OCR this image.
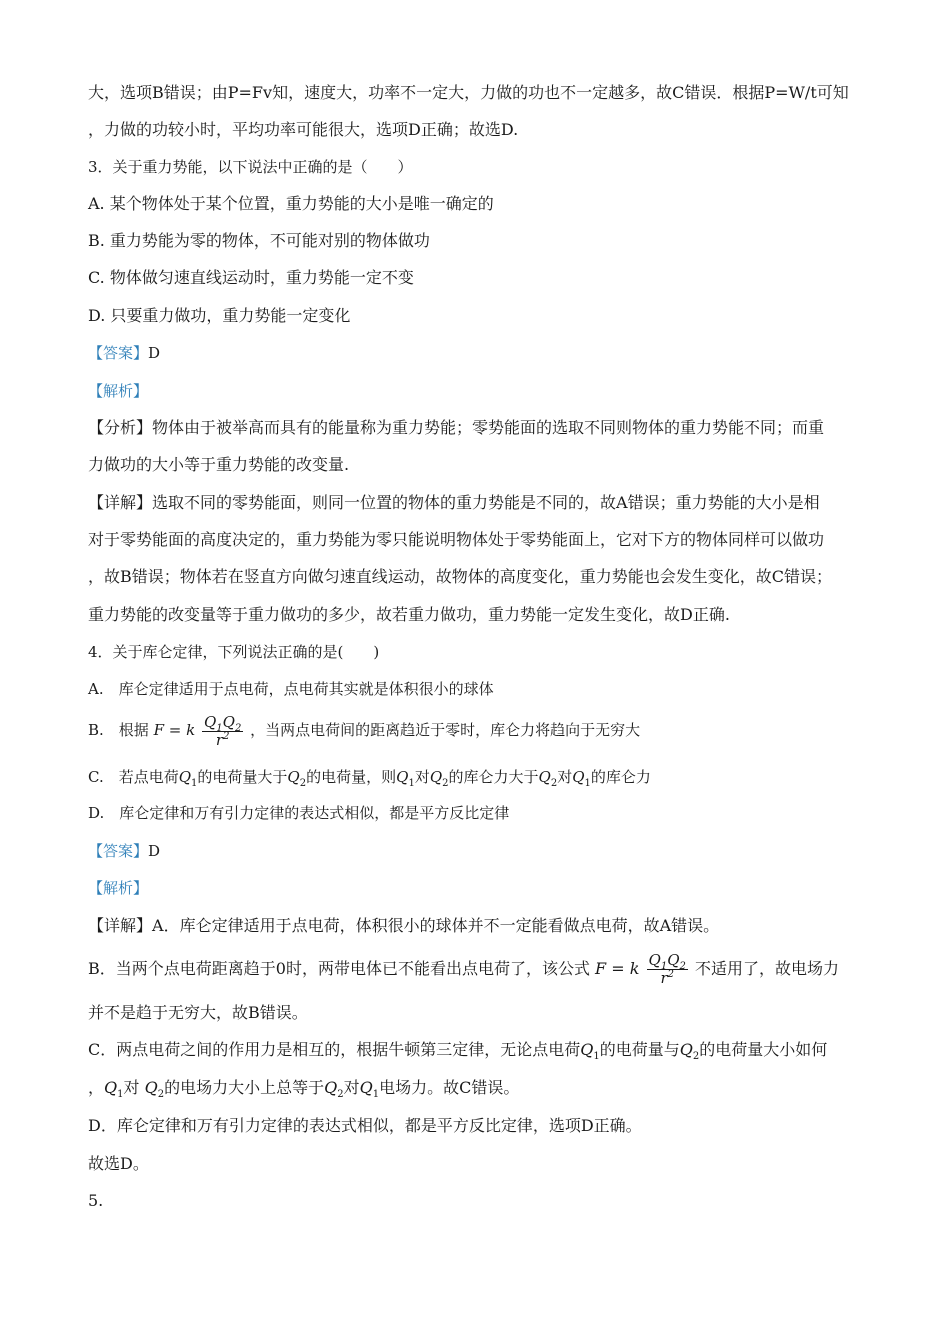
大，选项B错误；由P=Fv知，速度大，功率不一定大，力做的功也不一定越多，故C错误．根据P=W/t可知
，力做的功较小时，平均功率可能很大，选项D正确；故选D.
3．关于重力势能，以下说法中正确的是（　　）
A. 某个物体处于某个位置，重力势能的大小是唯一确定的
B. 重力势能为零的物体，不可能对别的物体做功
C. 物体做匀速直线运动时，重力势能一定不变
D. 只要重力做功，重力势能一定变化
【答案】D
【解析】
【分析】物体由于被举高而具有的能量称为重力势能；零势能面的选取不同则物体的重力势能不同；而重
力做功的大小等于重力势能的改变量.
【详解】选取不同的零势能面，则同一位置的物体的重力势能是不同的，故A错误；重力势能的大小是相
对于零势能面的高度决定的，重力势能为零只能说明物体处于零势能面上，它对下方的物体同样可以做功
，故B错误；物体若在竖直方向做匀速直线运动，故物体的高度变化，重力势能也会发生变化，故C错误；
重力势能的改变量等于重力做功的多少，故若重力做功，重力势能一定发生变化，故D正确.
4．关于库仑定律，下列说法正确的是(　　)
A.　库仑定律适用于点电荷，点电荷其实就是体积很小的球体
B.　根据 F = k $\frac{Q_1Q_2}{r^2}$ ，当两点电荷间的距离趋近于零时，库仑力将趋向于无穷大
C.　若点电荷$Q_1$的电荷量大于$Q_2$的电荷量，则$Q_1$对$Q_2$的库仑力大于$Q_2$对$Q_1$的库仑力
D.　库仑定律和万有引力定律的表达式相似，都是平方反比定律
【答案】D
【解析】
【详解】A．库仑定律适用于点电荷，体积很小的球体并不一定能看做点电荷，故A错误。
B．当两个点电荷距离趋于0时，两带电体已不能看出点电荷了，该公式 F = k $\frac{Q_1Q_2}{r^2}$ 不适用了，故电场力
并不是趋于无穷大，故B错误。
C．两点电荷之间的作用力是相互的，根据牛顿第三定律，无论点电荷$Q_1$的电荷量与$Q_2$的电荷量大小如何
，$Q_1$对 $Q_2$的电场力大小上总等于$Q_2$对$Q_1$电场力。故C错误。
D．库仑定律和万有引力定律的表达式相似，都是平方反比定律，选项D正确。
故选D。
5.
